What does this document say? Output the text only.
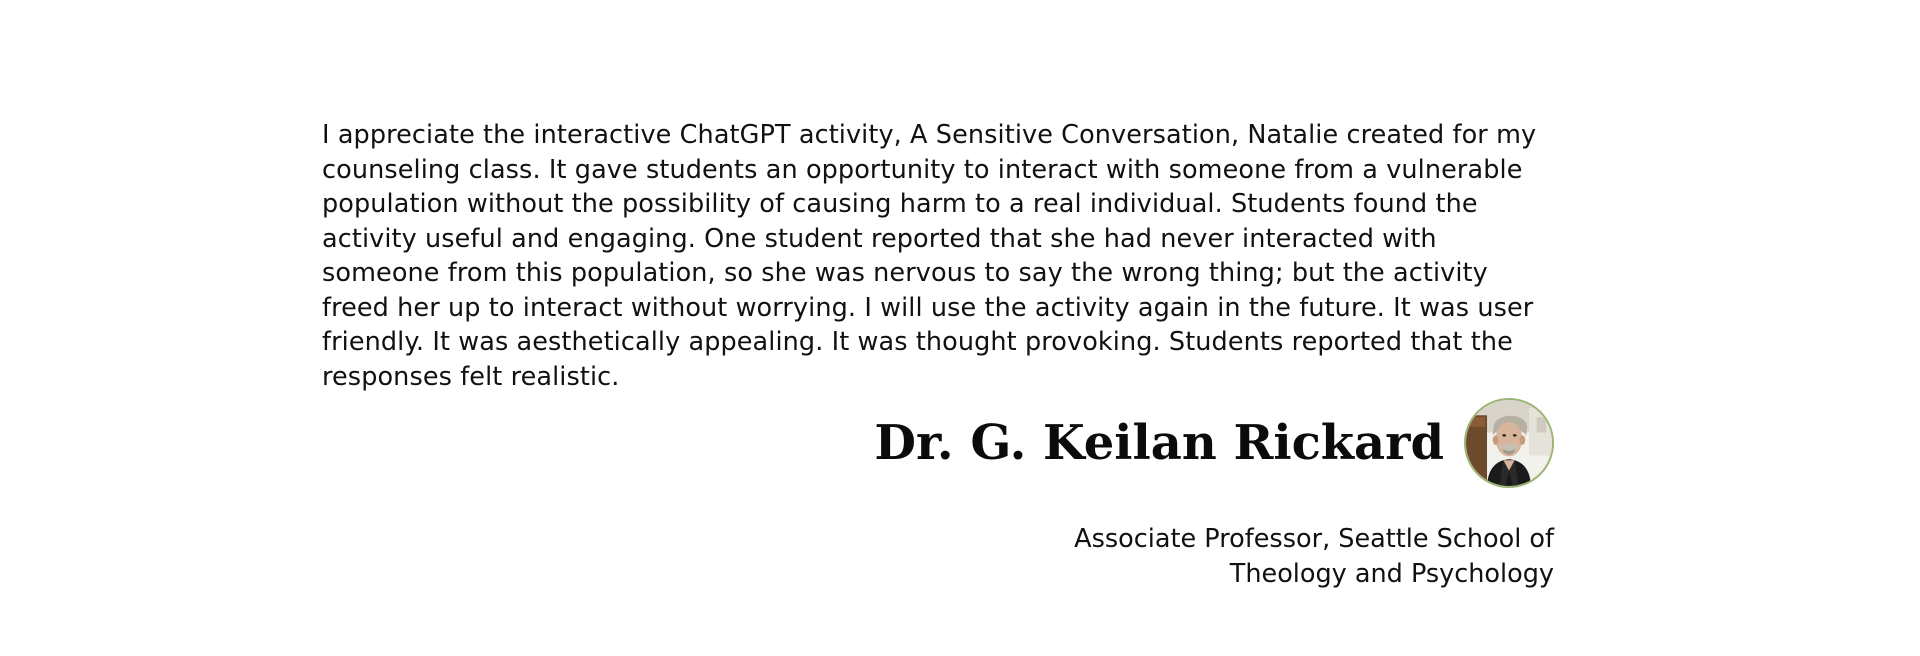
I appreciate the interactive ChatGPT activity, A Sensitive Conversation, Natalie created for my counseling class. It gave students an opportunity to interact with someone from a vulnerable population without the possibility of causing harm to a real individual. Students found the activity useful and engaging. One student reported that she had never interacted with someone from this population, so she was nervous to say the wrong thing; but the activity freed her up to interact without worrying. I will use the activity again in the future. It was user friendly. It was aesthetically appealing. It was thought provoking. Students reported that the responses felt realistic.

Dr. G. Keilan Rickard
Associate Professor, Seattle School of
Theology and Psychology
